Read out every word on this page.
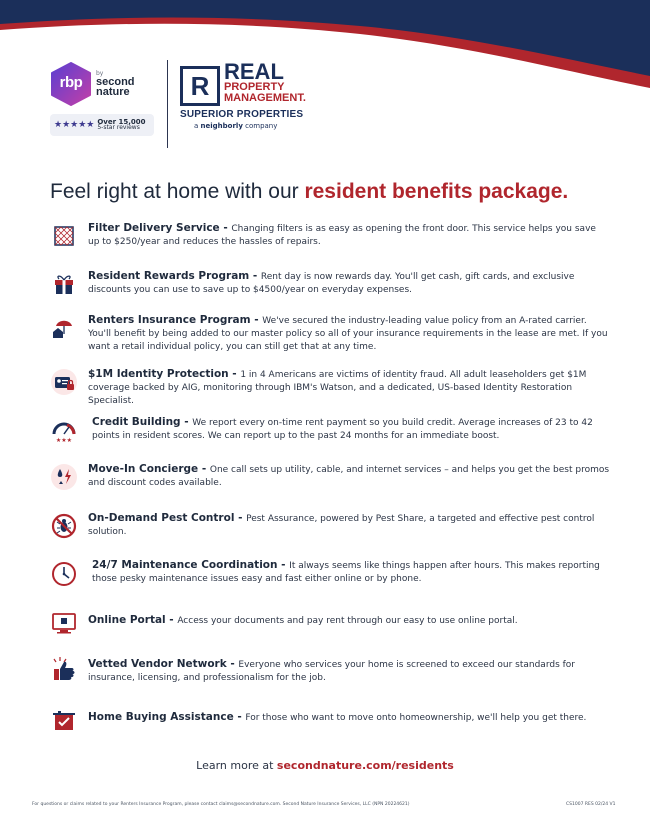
rbp
by
second nature
★★★★★ Over 15,000
5-star reviews
R REAL
PROPERTY
MANAGEMENT.
SUPERIOR PROPERTIES
a neighborly company
Feel right at home with our resident benefits package.
Filter Delivery Service - Changing filters is as easy as opening the front door. This service helps you save up to $250/year and reduces the hassles of repairs.
Resident Rewards Program - Rent day is now rewards day. You'll get cash, gift cards, and exclusive discounts you can use to save up to $4500/year on everyday expenses.
Renters Insurance Program - We've secured the industry-leading value policy from an A-rated carrier. You'll benefit by being added to our master policy so all of your insurance requirements in the lease are met. If you want a retail individual policy, you can still get that at any time.
$1M Identity Protection - 1 in 4 Americans are victims of identity fraud. All adult leaseholders get $1M coverage backed by AIG, monitoring through IBM's Watson, and a dedicated, US-based Identity Restoration Specialist.
★★★
Credit Building - We report every on-time rent payment so you build credit. Average increases of 23 to 42 points in resident scores. We can report up to the past 24 months for an immediate boost.
Move-In Concierge - One call sets up utility, cable, and internet services – and helps you get the best promos and discount codes available.
On-Demand Pest Control - Pest Assurance, powered by Pest Share, a targeted and effective pest control solution.
24/7 Maintenance Coordination - It always seems like things happen after hours. This makes reporting those pesky maintenance issues easy and fast either online or by phone.
Online Portal - Access your documents and pay rent through our easy to use online portal.
Vetted Vendor Network - Everyone who services your home is screened to exceed our standards for insurance, licensing, and professionalism for the job.
Home Buying Assistance - For those who want to move onto homeownership, we'll help you get there.
Learn more at secondnature.com/residents
For questions or claims related to your Renters Insurance Program, please contact claims@secondnature.com. Second Nature Insurance Services, LLC (NPN 20224621)	CS1007 RES 02/24 V1
